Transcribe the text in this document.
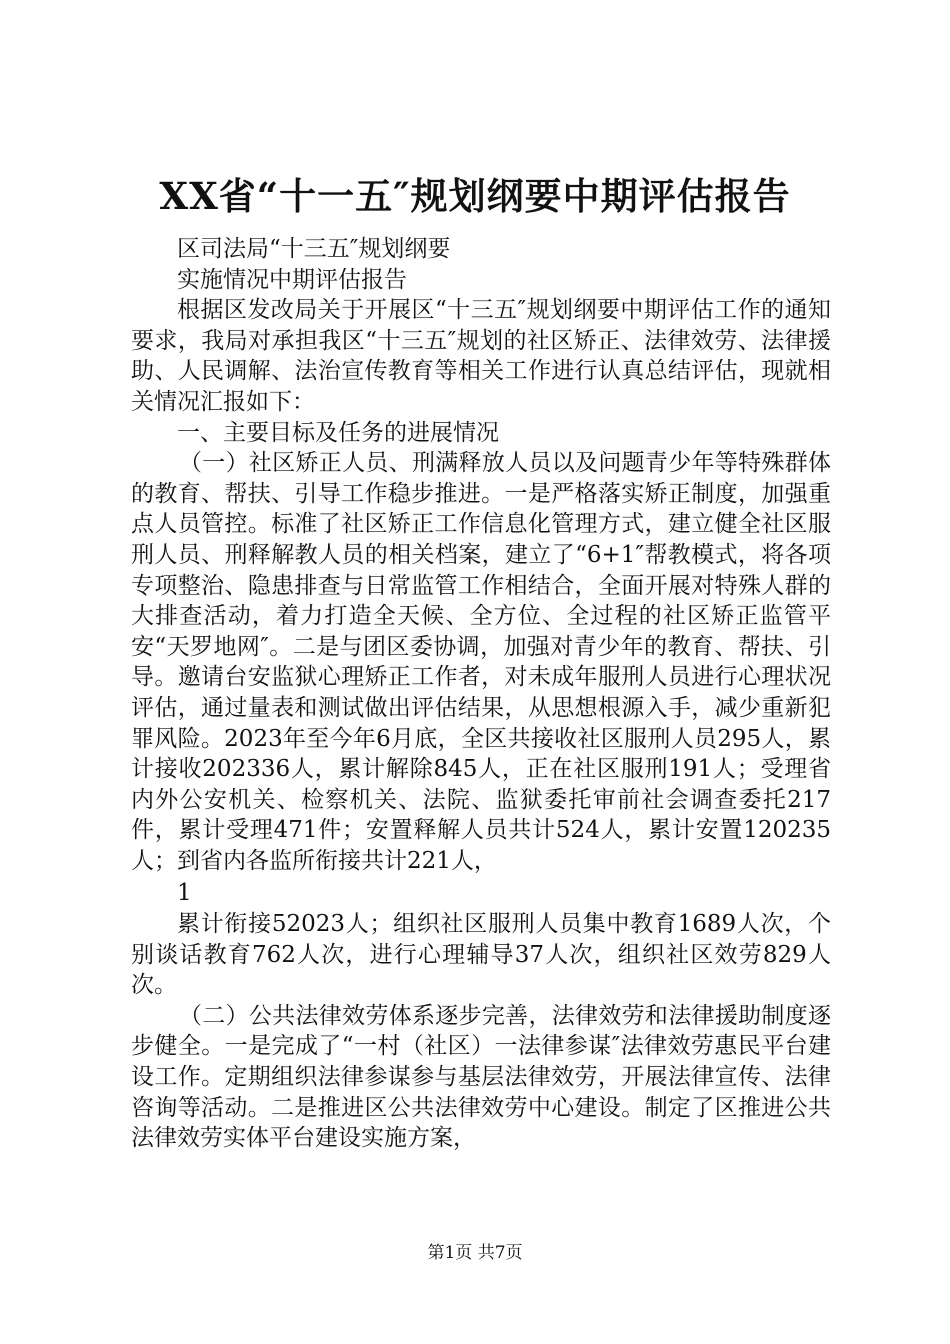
XX省“十一五″规划纲要中期评估报告

区司法局“十三五″规划纲要

实施情况中期评估报告

根据区发改局关于开展区“十三五″规划纲要中期评估工作的通知要求，我局对承担我区“十三五″规划的社区矫正、法律效劳、法律援助、人民调解、法治宣传教育等相关工作进行认真总结评估，现就相关情况汇报如下：

一、主要目标及任务的进展情况

（一）社区矫正人员、刑满释放人员以及问题青少年等特殊群体的教育、帮扶、引导工作稳步推进。一是严格落实矫正制度，加强重点人员管控。标准了社区矫正工作信息化管理方式，建立健全社区服刑人员、刑释解教人员的相关档案，建立了“6+1″帮教模式，将各项专项整治、隐患排查与日常监管工作相结合，全面开展对特殊人群的大排查活动，着力打造全天候、全方位、全过程的社区矫正监管平安“天罗地网″。二是与团区委协调，加强对青少年的教育、帮扶、引导。邀请台安监狱心理矫正工作者，对未成年服刑人员进行心理状况评估，通过量表和测试做出评估结果，从思想根源入手，减少重新犯罪风险。2023年至今年6月底，全区共接收社区服刑人员295人，累计接收202336人，累计解除845人，正在社区服刑191人；受理省内外公安机关、检察机关、法院、监狱委托审前社会调查委托217件，累计受理471件；安置释解人员共计524人，累计安置120235人；到省内各监所衔接共计221人，

1

累计衔接52023人；组织社区服刑人员集中教育1689人次，个别谈话教育762人次，进行心理辅导37人次，组织社区效劳829人次。

（二）公共法律效劳体系逐步完善，法律效劳和法律援助制度逐步健全。一是完成了“一村（社区）一法律参谋″法律效劳惠民平台建设工作。定期组织法律参谋参与基层法律效劳，开展法律宣传、法律咨询等活动。二是推进区公共法律效劳中心建设。制定了区推进公共法律效劳实体平台建设实施方案，

第1页 共7页
